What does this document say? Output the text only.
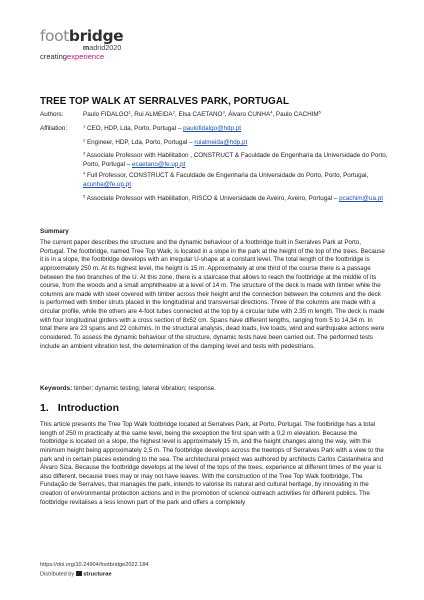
footbridge
madrid2020
creatingexperience
TREE TOP WALK AT SERRALVES PARK, PORTUGAL
Authors:	Paulo FIDALGO$^1$, Rui ALMEIDA$^2$, Elsa CAETANO$^3$, Álvaro CUNHA$^4$, Paulo CACHIM$^5$
Affiliation:	$^1$ CEO, HDP, Lda, Porto, Portugal – paulofidalgo@hdp.pt
$^2$ Engineer, HDP, Lda, Porto, Portugal – ruialmeida@hdp.pt
$^3$ Associate Professor with Habilitation , CONSTRUCT & Faculdade de Engenharia da Universidade do Porto, Porto, Portugal – ecaetano@fe.up.pt
$^4$ Full Professor, CONSTRUCT & Faculdade de Engenharia da Universidade do Porto, Porto, Portugal, acunha@fe.up.pt
$^5$ Associate Professor with Habilitation, RISCO & Universidade de Aveiro, Aveiro, Portugal – pcachim@ua.pt
Summary

The current paper describes the structure and the dynamic behaviour of a footbridge built in Serralves Park at Porto, Portugal. The footbridge, named Tree Top Walk, is located in a slope in the park at the height of the top of the trees. Because it is in a slope, the footbridge develops with an irregular U-shape at a constant level. The total length of the footbridge is approximately 250 m. At its highest level, the height is 15 m. Approximately at one third of the course there is a passage between the two branches of the U. At this zone, there is a staircase that allows to reach the footbridge at the middle of its course, from the woods and a small amphitheatre at a level of 14 m. The structure of the deck is made with timber while the columns are made with steel covered with timber across their height and the connection between the columns and the deck is performed with timber struts placed in the longitudinal and transversal directions. Three of the columns are made with a circular profile, while the others are 4-foot tubes connected at the top by a circular tube with 2.35 m length. The deck is made with four longitudinal girders with a cross section of 8x52 cm. Spans have different lengths, ranging from 5 to 14,34 m. In total there are 23 spans and 22 columns. In the structural analysis, dead loads, live loads, wind and earthquake actions were considered. To assess the dynamic behaviour of the structure, dynamic tests have been carried out. The performed tests include an ambient vibration test, the determination of the damping level and tests with pedestrians.

Keywords: timber; dynamic testing; lateral vibration; response.
1. Introduction

This article presents the Tree Top Walk footbridge located at Serralves Park, at Porto, Portugal. The footbridge has a total length of 250 m practically at the same level, being the exception the first span with a 0,2 m elevation. Because the footbridge is located on a slope, the highest level is approximately 15 m, and the height changes along the way, with the minimum height being approximately 2,5 m. The footbridge develops across the treetops of Serralves Park with a view to the park and in certain places extending to the sea. The architectural project was authored by architects Carlos Castanheira and Álvaro Siza. Because the footbridge develops at the level of the tops of the trees, experience at different times of the year is also different, because trees may or may not have leaves. With the construction of the Tree Top Walk footbridge, The Fundação de Serralves, that manages the park, intends to valorise its natural and cultural heritage, by innovating in the creation of environmental protection actions and in the promotion of science outreach activities for different publics. The footbridge revitalises a less known part of the park and offers a completely

https://doi.org/10.24904/footbridge2022.184
Distributed by structurae
